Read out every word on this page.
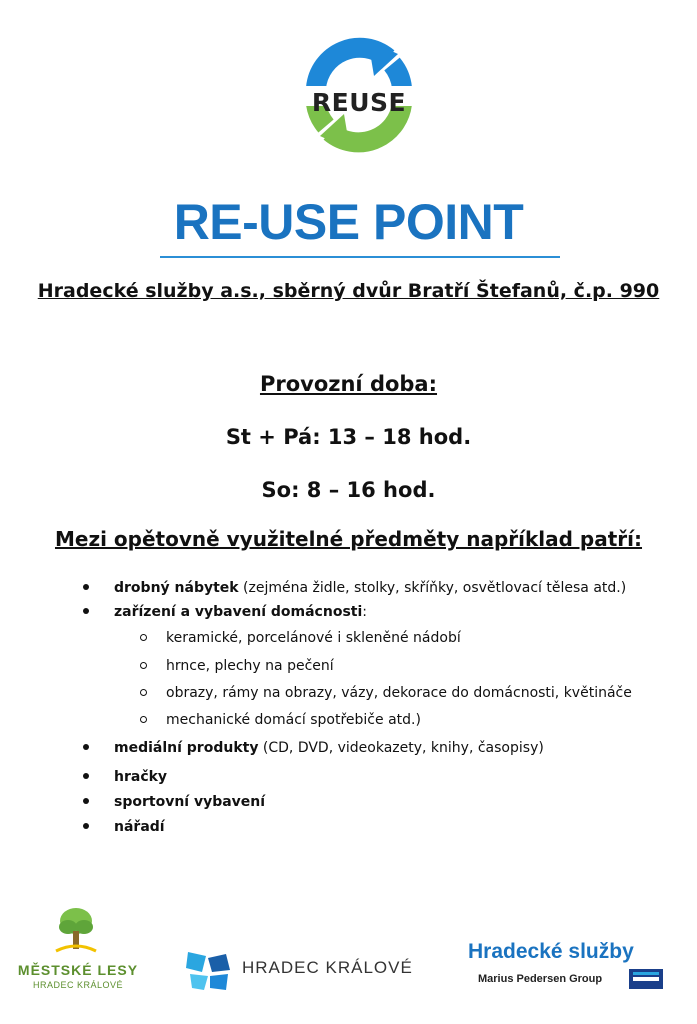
REUSE
RE-USE POINT
Hradecké služby a.s., sběrný dvůr Bratří Štefanů, č.p. 990
Provozní doba:
St + Pá: 13 – 18 hod.
So: 8 – 16 hod.
Mezi opětovně využitelné předměty například patří:
drobný nábytek (zejména židle, stolky, skříňky, osvětlovací tělesa atd.)
zařízení a vybavení domácnosti:
keramické, porcelánové i skleněné nádobí
hrnce, plechy na pečení
obrazy, rámy na obrazy, vázy, dekorace do domácnosti, květináče
mechanické domácí spotřebiče atd.)
mediální produkty (CD, DVD, videokazety, knihy, časopisy)
hračky
sportovní vybavení
nářadí
MĚSTSKÉ LESY
HRADEC KRÁLOVÉ
HRADEC KRÁLOVÉ
Hradecké služby
Marius Pedersen Group
